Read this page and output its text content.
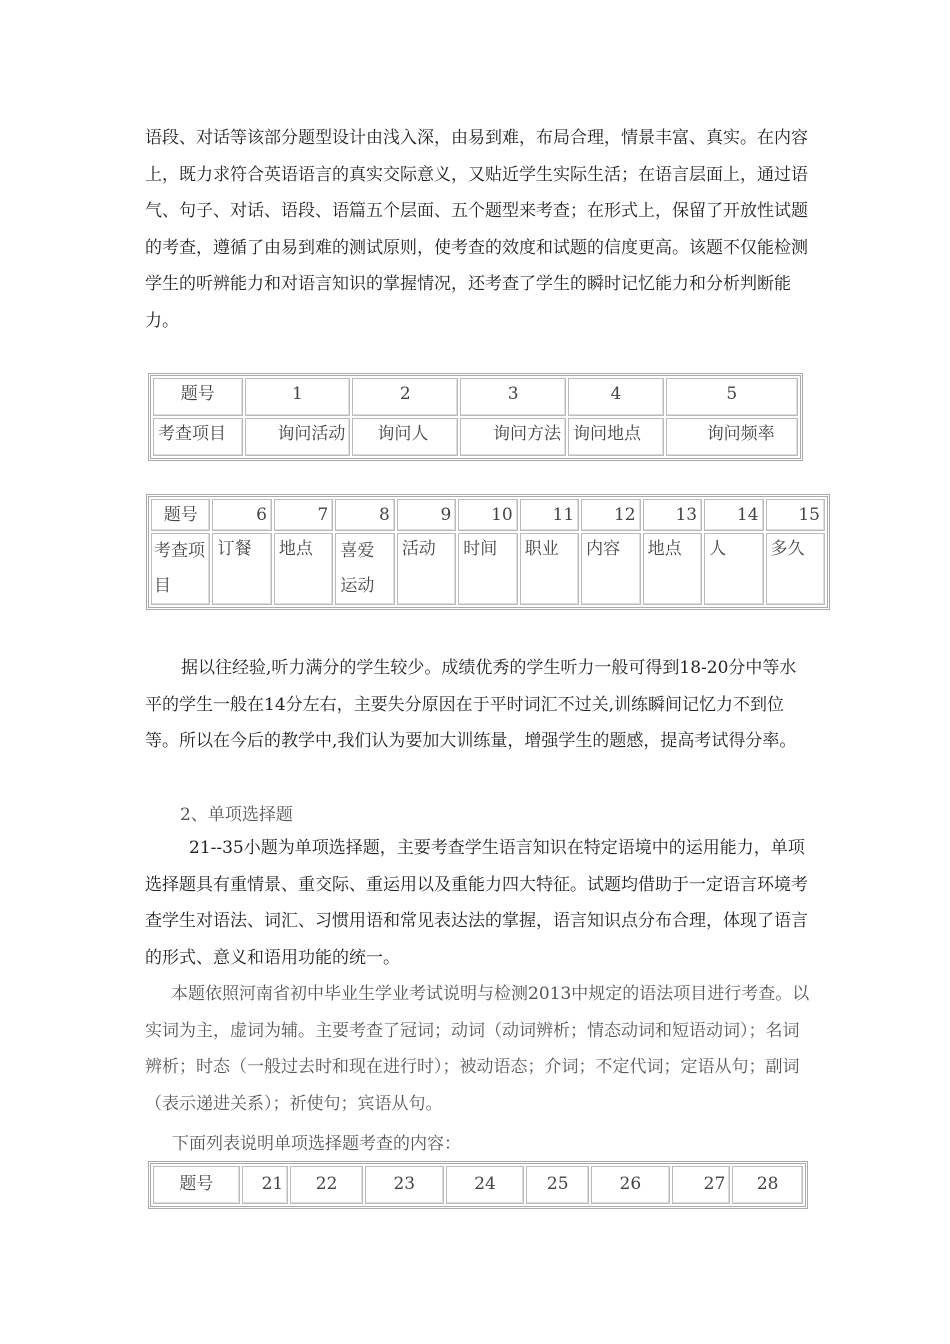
语段、对话等该部分题型设计由浅入深，由易到难，布局合理，情景丰富、真实。在内容上，既力求符合英语语言的真实交际意义，又贴近学生实际生活；在语言层面上，通过语气、句子、对话、语段、语篇五个层面、五个题型来考查；在形式上，保留了开放性试题的考查，遵循了由易到难的测试原则，使考查的效度和试题的信度更高。该题不仅能检测学生的听辨能力和对语言知识的掌握情况，还考查了学生的瞬时记忆能力和分析判断能力。

题号	1	2	3	4	5
考查项目	询问活动	询问人	询问方法	询问地点	询问频率
题号	6	7	8	9	10	11	12	13	14	15
考查项目	订餐	地点	喜爱运动	活动	时间	职业	内容	地点	人	多久

据以往经验,听力满分的学生较少。成绩优秀的学生听力一般可得到18-20分中等水平的学生一般在14分左右，主要失分原因在于平时词汇不过关,训练瞬间记忆力不到位等。所以在今后的教学中,我们认为要加大训练量，增强学生的题感，提高考试得分率。

2、单项选择题

21--35小题为单项选择题，主要考查学生语言知识在特定语境中的运用能力，单项选择题具有重情景、重交际、重运用以及重能力四大特征。试题均借助于一定语言环境考查学生对语法、词汇、习惯用语和常见表达法的掌握，语言知识点分布合理，体现了语言的形式、意义和语用功能的统一。

本题依照河南省初中毕业生学业考试说明与检测2013中规定的语法项目进行考查。以实词为主，虚词为辅。主要考查了冠词；动词（动词辨析；情态动词和短语动词）；名词辨析；时态（一般过去时和现在进行时）；被动语态；介词；不定代词；定语从句；副词（表示递进关系）；祈使句；宾语从句。

下面列表说明单项选择题考查的内容：
题号	21	22	23	24	25	26	27	28
